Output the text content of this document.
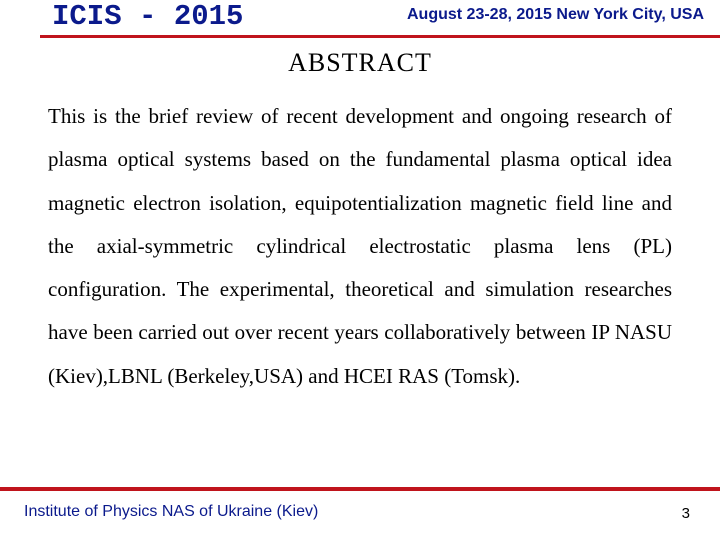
ICIS - 2015	August 23-28, 2015 New York City, USA
ABSTRACT

This is the brief review of recent development and ongoing research of plasma optical systems based on the fundamental plasma optical idea magnetic electron isolation, equipotentialization magnetic field line and the axial-symmetric cylindrical electrostatic plasma lens (PL) configuration. The experimental, theoretical and simulation researches have been carried out over recent years collaboratively between IP NASU (Kiev),LBNL (Berkeley,USA) and HCEI RAS (Tomsk).

Institute of Physics NAS of Ukraine (Kiev)	3
